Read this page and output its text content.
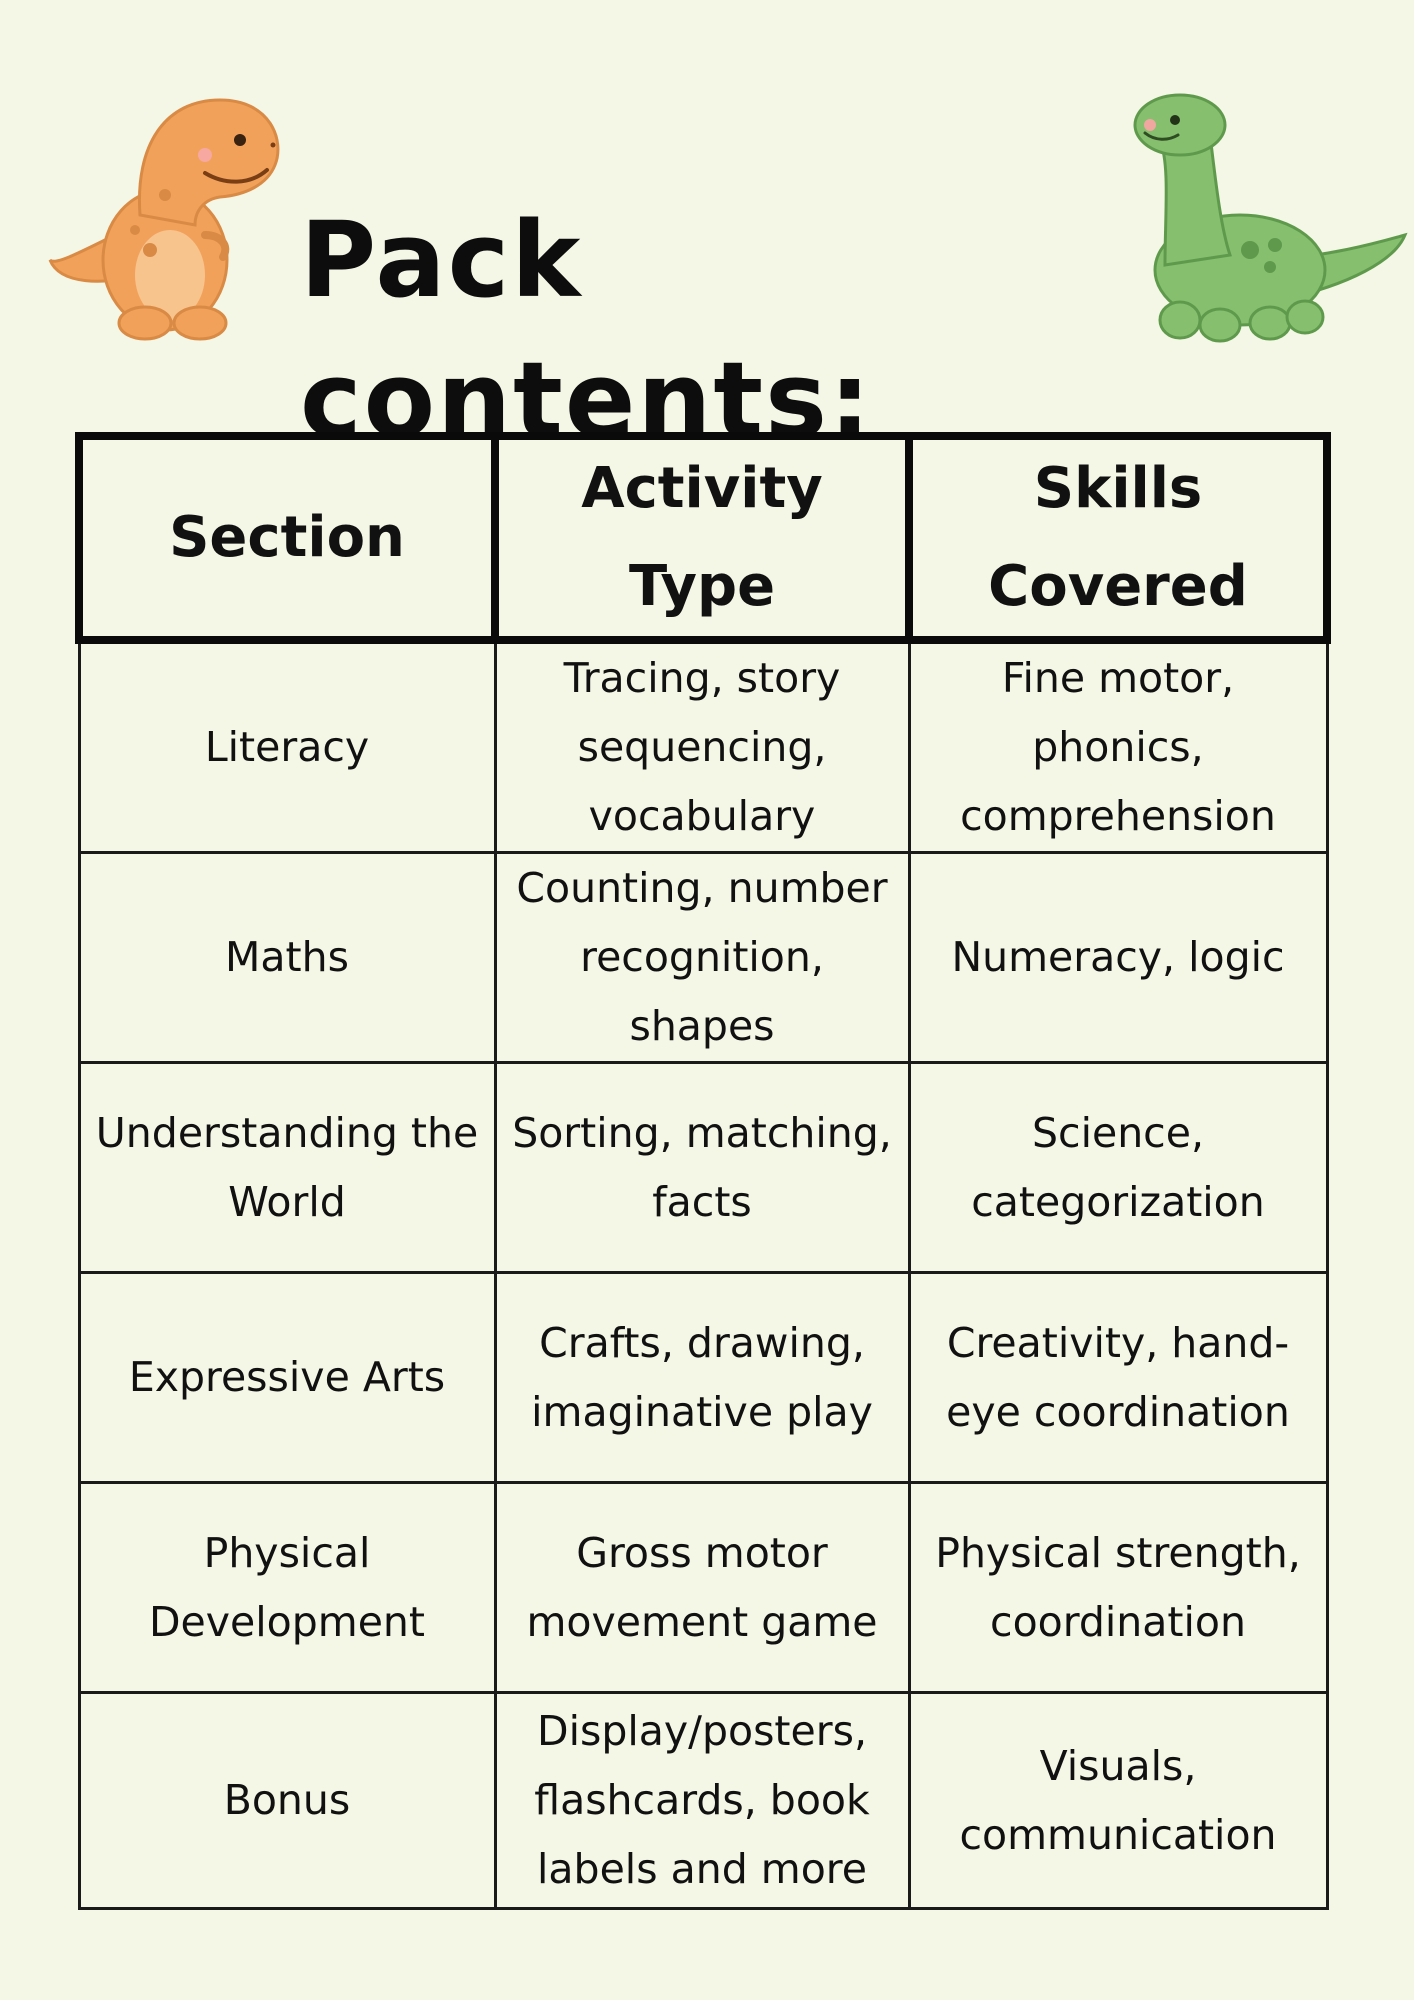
Pack contents:
Section	Activity Type	Skills Covered
Literacy	Tracing, story sequencing, vocabulary	Fine motor, phonics, comprehension
Maths	Counting, number recognition, shapes	Numeracy, logic
Understanding the World	Sorting, matching, facts	Science, categorization
Expressive Arts	Crafts, drawing, imaginative play	Creativity, hand-eye coordination
Physical Development	Gross motor movement game	Physical strength, coordination
Bonus	Display/posters, flashcards, book labels and more	Visuals, communication
